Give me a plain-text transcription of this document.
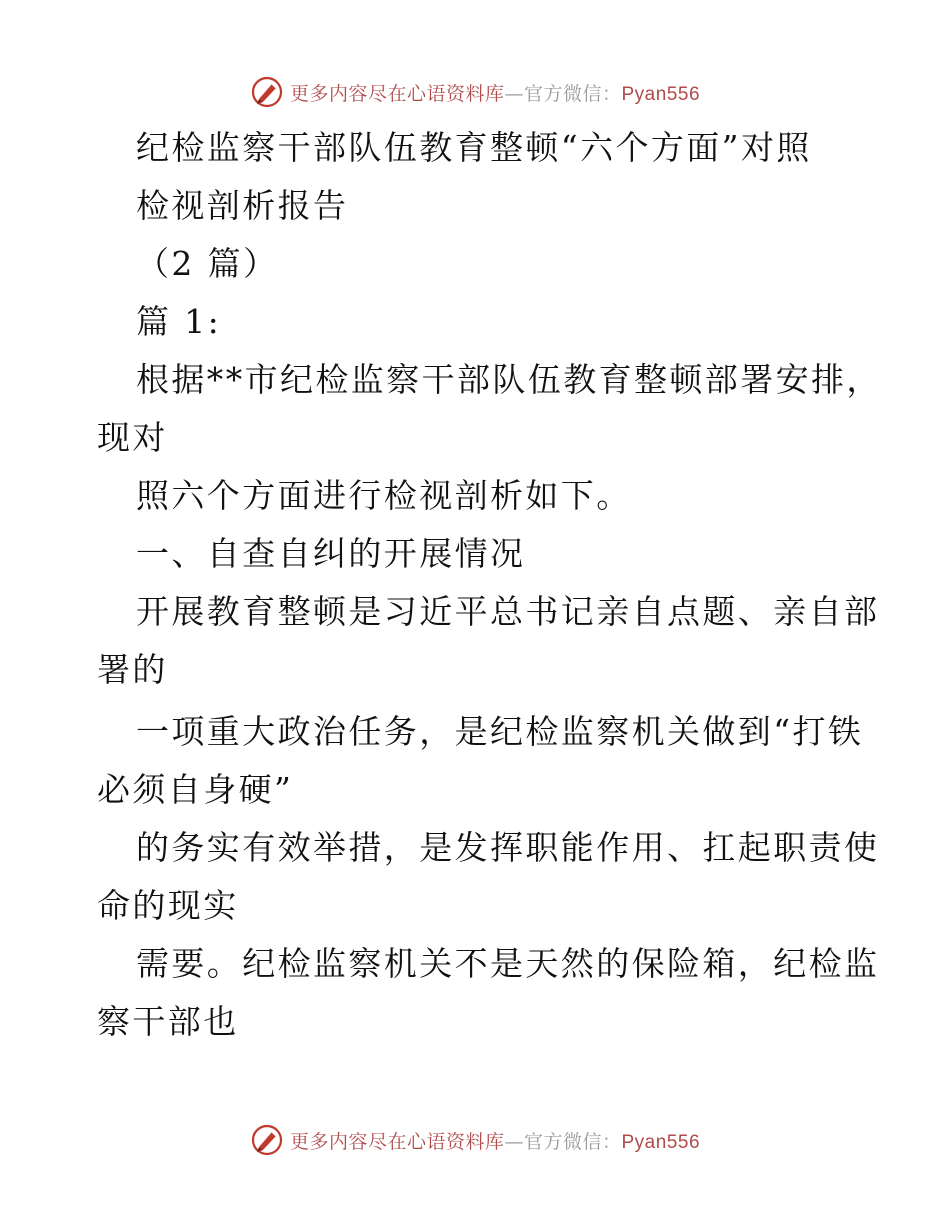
更多内容尽在心语资料库—官方微信：Pyan556
纪检监察干部队伍教育整顿“六个方面”对照
检视剖析报告
（2 篇）
篇 1:
根据**市纪检监察干部队伍教育整顿部署安排，
现对
照六个方面进行检视剖析如下。
一、自查自纠的开展情况
开展教育整顿是习近平总书记亲自点题、亲自部
署的
一项重大政治任务，是纪检监察机关做到“打铁
必须自身硬”
的务实有效举措，是发挥职能作用、扛起职责使
命的现实
需要。纪检监察机关不是天然的保险箱，纪检监
察干部也
更多内容尽在心语资料库—官方微信：Pyan556
